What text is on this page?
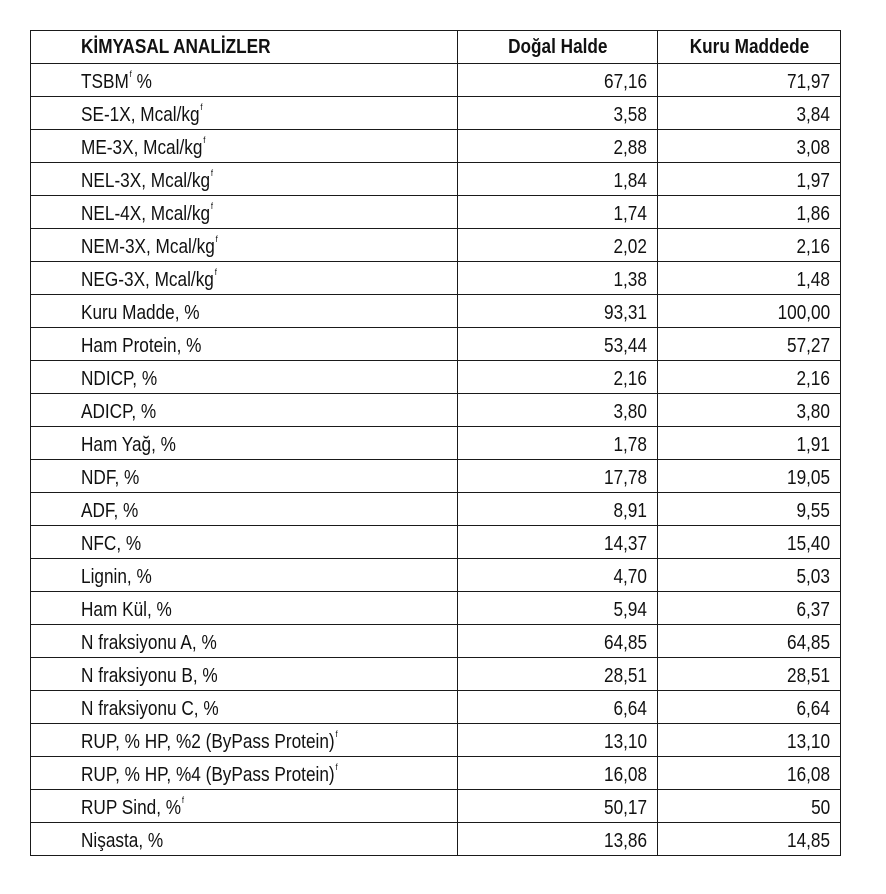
KİMYASAL ANALİZLER	Doğal Halde	Kuru Maddede
TSBM$^f$ %	67,16	71,97
SE-1X, Mcal/kg$^f$	3,58	3,84
ME-3X, Mcal/kg$^f$	2,88	3,08
NEL-3X, Mcal/kg$^f$	1,84	1,97
NEL-4X, Mcal/kg$^f$	1,74	1,86
NEM-3X, Mcal/kg$^f$	2,02	2,16
NEG-3X, Mcal/kg$^f$	1,38	1,48
Kuru Madde, %	93,31	100,00
Ham Protein, %	53,44	57,27
NDICP, %	2,16	2,16
ADICP, %	3,80	3,80
Ham Yağ, %	1,78	1,91
NDF, %	17,78	19,05
ADF, %	8,91	9,55
NFC, %	14,37	15,40
Lignin, %	4,70	5,03
Ham Kül, %	5,94	6,37
N fraksiyonu A, %	64,85	64,85
N fraksiyonu B, %	28,51	28,51
N fraksiyonu C, %	6,64	6,64
RUP, % HP, %2 (ByPass Protein)$^f$	13,10	13,10
RUP, % HP, %4 (ByPass Protein)$^f$	16,08	16,08
RUP Sind, %$^f$	50,17	50
Nişasta, %	13,86	14,85
